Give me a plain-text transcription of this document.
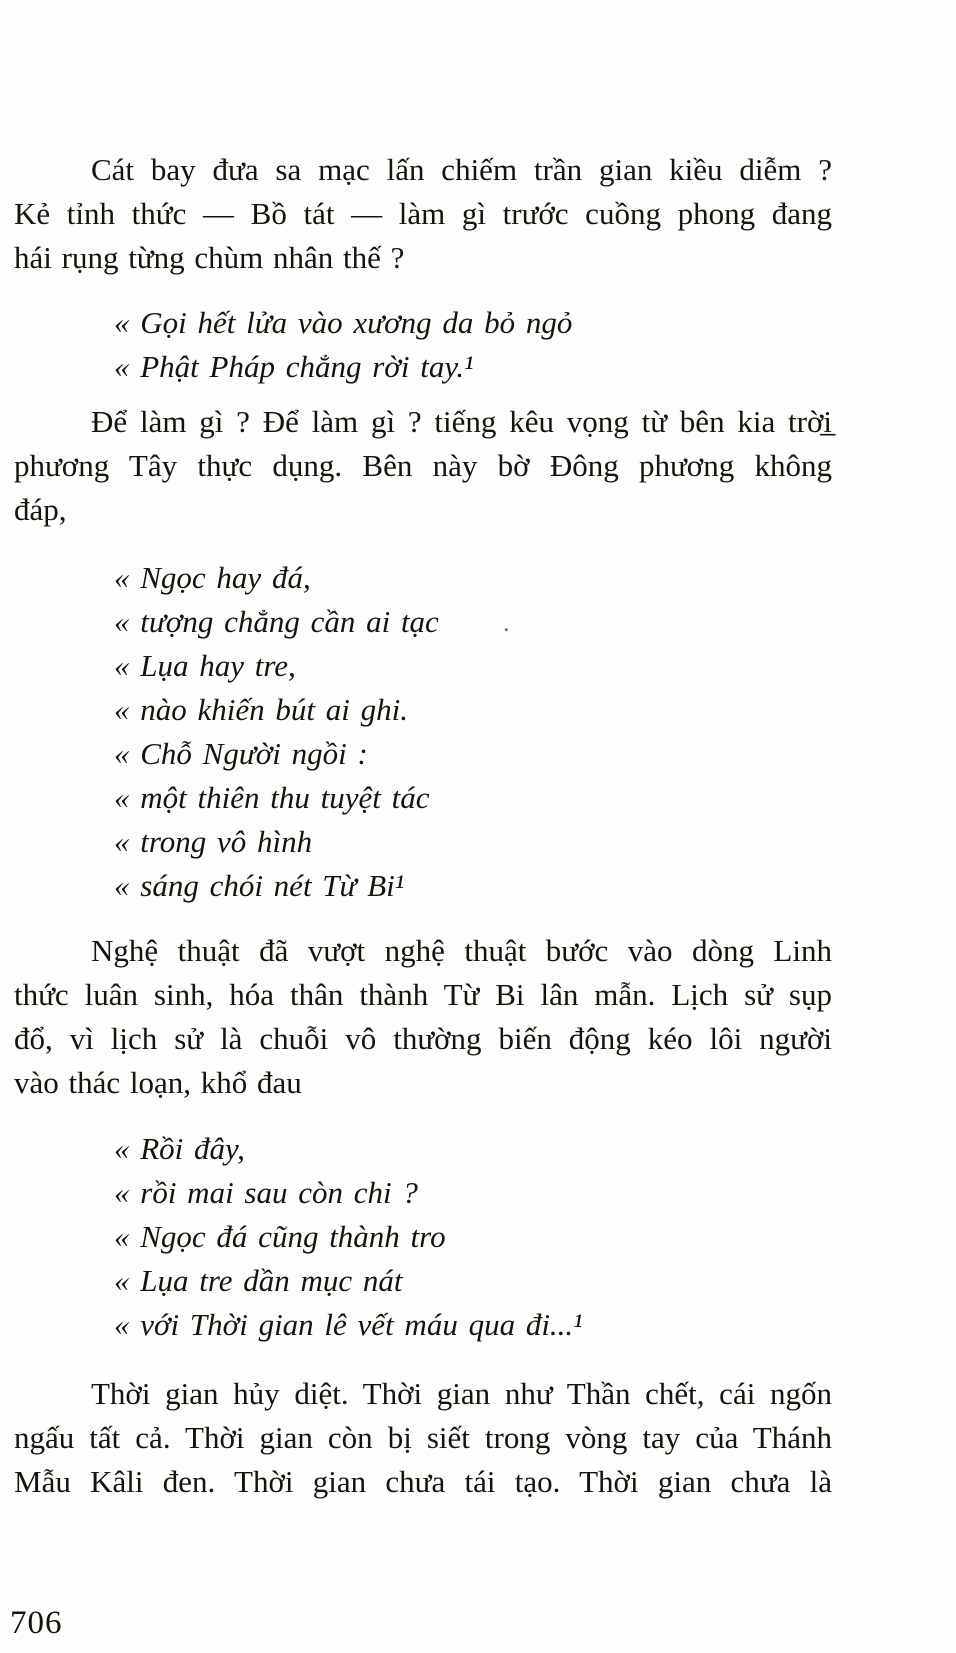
Cát bay đưa sa mạc lấn chiếm trần gian kiều diễm ?
Kẻ tỉnh thức — Bồ tát — làm gì trước cuồng phong đang
hái rụng từng chùm nhân thế ?
« Gọi hết lửa vào xương da bỏ ngỏ
« Phật Pháp chẳng rời tay.¹
Để làm gì ? Để làm gì ? tiếng kêu vọng từ bên kia trời̲
phương Tây thực dụng. Bên này bờ Đông phương không
đáp,
« Ngọc hay đá,
« tượng chẳng cần ai tạc
« Lụa hay tre,
« nào khiến bút ai ghi.
« Chỗ Người ngồi :
« một thiên thu tuyệt tác
« trong vô hình
« sáng chói nét Từ Bi¹
Nghệ thuật đã vượt nghệ thuật bước vào dòng Linh
thức luân sinh, hóa thân thành Từ Bi lân mẫn. Lịch sử sụp
đổ, vì lịch sử là chuỗi vô thường biến động kéo lôi người
vào thác loạn, khổ đau
« Rồi đây,
« rồi mai sau còn chi ?
« Ngọc đá cũng thành tro
« Lụa tre dần mục nát
« với Thời gian lê vết máu qua đi...¹
Thời gian hủy diệt. Thời gian như Thần chết, cái ngốn
ngấu tất cả. Thời gian còn bị siết trong vòng tay của Thánh
Mẫu Kâli đen. Thời gian chưa tái tạo. Thời gian chưa là
.
706
